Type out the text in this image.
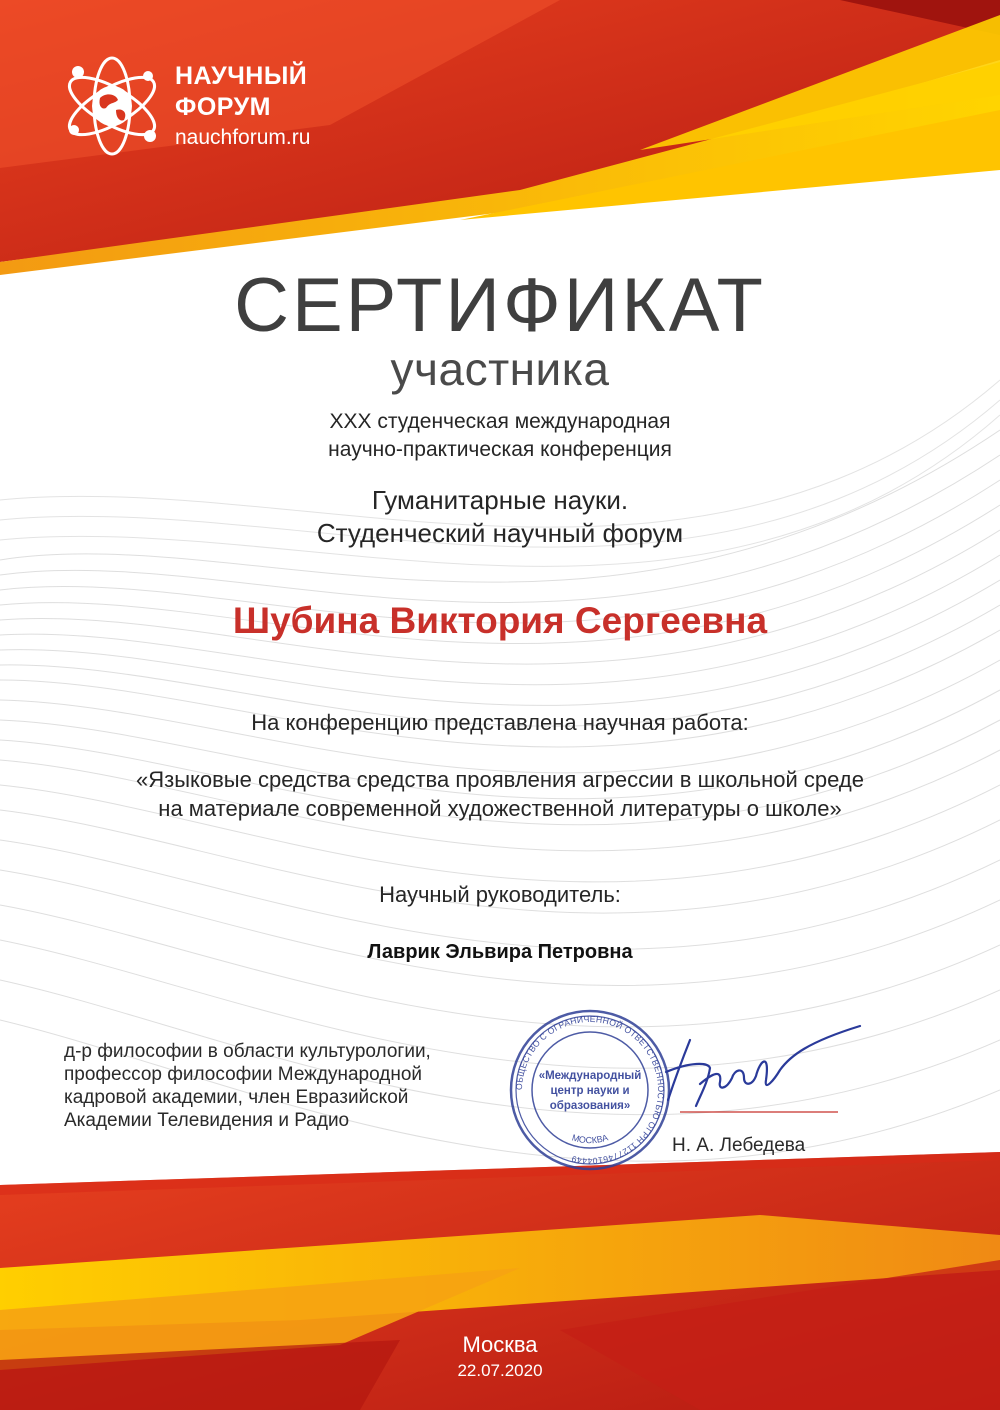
НАУЧНЫЙ
ФОРУМ
nauchforum.ru
СЕРТИФИКАТ
участника
XXX студенческая международная
научно-практическая конференция
Гуманитарные науки.
Студенческий научный форум
Шубина Виктория Сергеевна
На конференцию представлена научная работа:
«Языковые средства средства проявления агрессии в школьной среде
на материале современной художественной литературы о школе»
Научный руководитель:
Лаврик Эльвира Петровна
д-р философии в области культурологии,
профессор философии Международной
кадровой академии, член Евразийской
Академии Телевидения и Радио
ОБЩЕСТВО С ОГРАНИЧЕННОЙ ОТВЕТСТВЕННОСТЬЮ ОГРН 1127746104449
МОСКВА
«Международный
центр науки и
образования»
Н. А. Лебедева
Москва
22.07.2020
